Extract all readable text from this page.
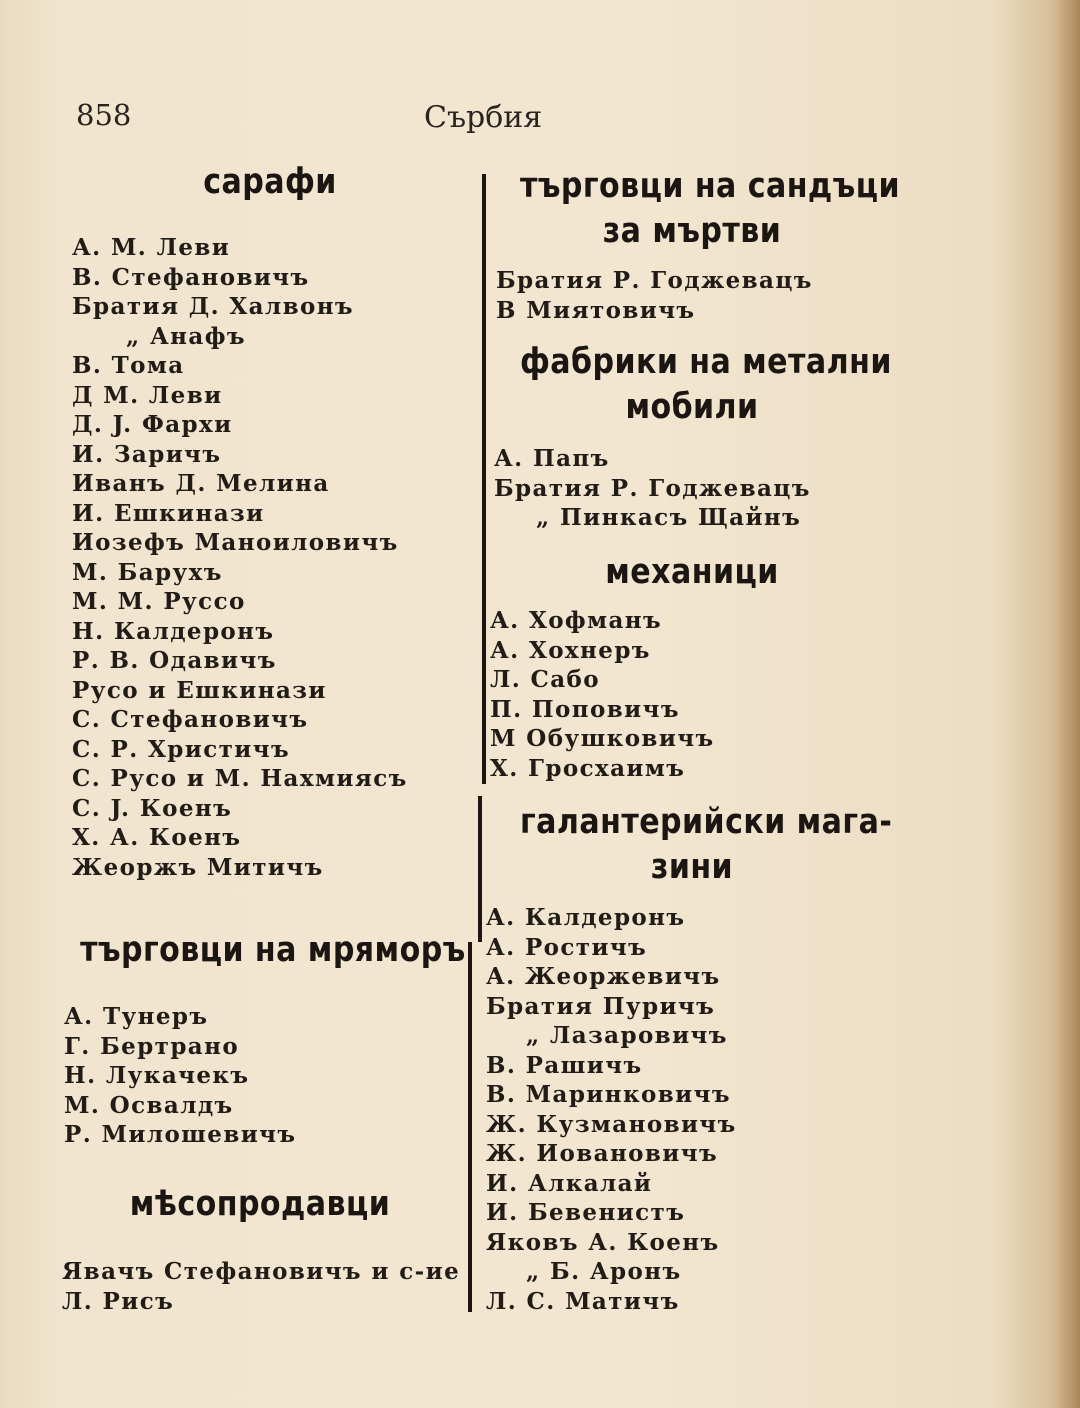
858	Сърбия
сарафи
А. М. Леви
В. Стефановичъ
Братия Д. Халвонъ
„ Анафъ
В. Тома
Д М. Леви
Д. J. Фархи
И. Заричъ
Иванъ Д. Мелина
И. Ешкинази
Иозефъ Маноиловичъ
М. Барухъ
М. М. Руссо
Н. Калдеронъ
Р. В. Одавичъ
Русо и Ешкинази
С. Стефановичъ
С. Р. Христичъ
С. Русо и М. Нахмиясъ
С. J. Коенъ
Х. А. Коенъ
Жеоржъ Митичъ
търговци на мряморъ
А. Тунеръ
Г. Бертрано
Н. Лукачекъ
М. Освалдъ
Р. Милошевичъ
мѣсопродавци
Явачъ Стефановичъ и с-ие
Л. Рисъ
търговци на сандъци
за мъртви
Братия Р. Годжевацъ
В Миятовичъ
фабрики на метални
мобили
А. Папъ
Братия Р. Годжевацъ
„ Пинкасъ Щайнъ
механици
А. Хофманъ
А. Хохнеръ
Л. Сабо
П. Поповичъ
М Обушковичъ
Х. Гросхаимъ
галантерийски мага-
зини
А. Калдеронъ
А. Ростичъ
А. Жеоржевичъ
Братия Пуричъ
„ Лазаровичъ
В. Рашичъ
В. Маринковичъ
Ж. Кузмановичъ
Ж. Иовановичъ
И. Алкалай
И. Бевенистъ
Яковъ А. Коенъ
„ Б. Аронъ
Л. С. Матичъ
